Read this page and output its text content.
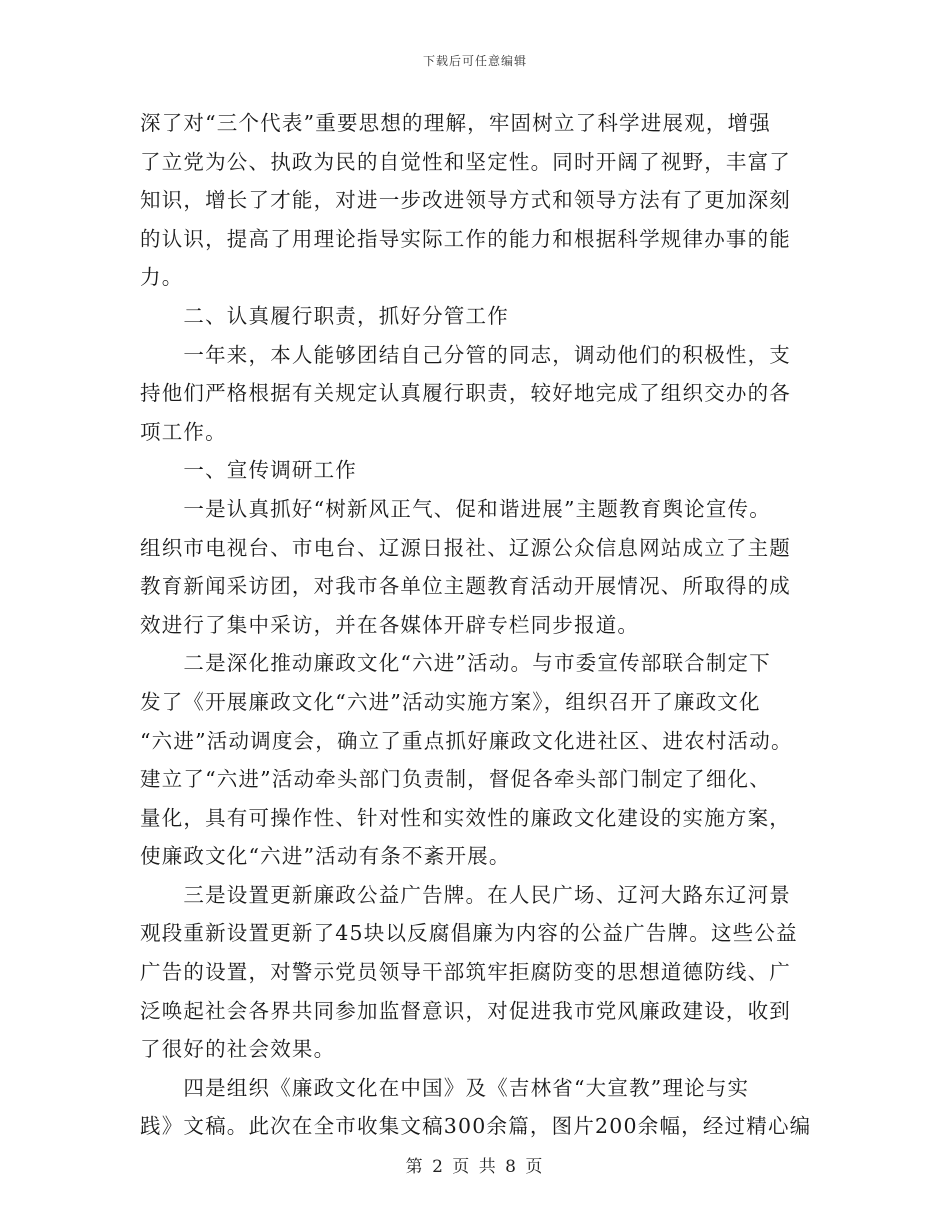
下载后可任意编辑

深了对“三个代表”重要思想的理解，牢固树立了科学进展观，增强
了立党为公、执政为民的自觉性和坚定性。同时开阔了视野，丰富了
知识，增长了才能，对进一步改进领导方式和领导方法有了更加深刻
的认识，提高了用理论指导实际工作的能力和根据科学规律办事的能
力。

　　二、认真履行职责，抓好分管工作

　　一年来，本人能够团结自己分管的同志，调动他们的积极性，支
持他们严格根据有关规定认真履行职责，较好地完成了组织交办的各
项工作。

　　一、宣传调研工作

　　一是认真抓好“树新风正气、促和谐进展”主题教育舆论宣传。
组织市电视台、市电台、辽源日报社、辽源公众信息网站成立了主题
教育新闻采访团，对我市各单位主题教育活动开展情况、所取得的成
效进行了集中采访，并在各媒体开辟专栏同步报道。

　　二是深化推动廉政文化“六进”活动。与市委宣传部联合制定下
发了《开展廉政文化“六进”活动实施方案》，组织召开了廉政文化
“六进”活动调度会，确立了重点抓好廉政文化进社区、进农村活动。
建立了“六进”活动牵头部门负责制，督促各牵头部门制定了细化、
量化，具有可操作性、针对性和实效性的廉政文化建设的实施方案，
使廉政文化“六进”活动有条不紊开展。

　　三是设置更新廉政公益广告牌。在人民广场、辽河大路东辽河景
观段重新设置更新了45块以反腐倡廉为内容的公益广告牌。这些公益
广告的设置，对警示党员领导干部筑牢拒腐防变的思想道德防线、广
泛唤起社会各界共同参加监督意识，对促进我市党风廉政建设，收到
了很好的社会效果。

　　四是组织《廉政文化在中国》及《吉林省“大宣教”理论与实
践》文稿。此次在全市收集文稿300余篇，图片200余幅，经过精心编

第 2 页 共 8 页
